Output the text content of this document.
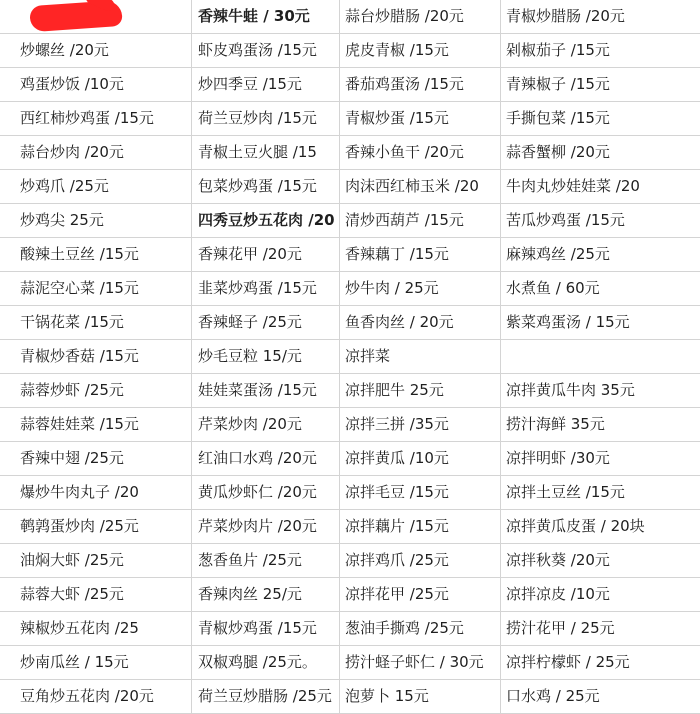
	香辣牛蛙 / 30元	蒜台炒腊肠 /20元	青椒炒腊肠 /20元
炒螺丝 /20元	虾皮鸡蛋汤 /15元	虎皮青椒 /15元	剁椒茄子 /15元
鸡蛋炒饭 /10元	炒四季豆 /15元	番茄鸡蛋汤 /15元	青辣椒子 /15元
西红柿炒鸡蛋 /15元	荷兰豆炒肉 /15元	青椒炒蛋 /15元	手撕包菜 /15元
蒜台炒肉 /20元	青椒土豆火腿 /15	香辣小鱼干 /20元	蒜香蟹柳 /20元
炒鸡爪 /25元	包菜炒鸡蛋 /15元	肉沫西红柿玉米 /20	牛肉丸炒娃娃菜 /20
炒鸡尖 25元	四秀豆炒五花肉 /20	清炒西葫芦 /15元	苦瓜炒鸡蛋 /15元
酸辣土豆丝 /15元	香辣花甲 /20元	香辣藕丁 /15元	麻辣鸡丝 /25元
蒜泥空心菜 /15元	韭菜炒鸡蛋 /15元	炒牛肉 / 25元	水煮鱼 / 60元
干锅花菜 /15元	香辣蛏子 /25元	鱼香肉丝 / 20元	紫菜鸡蛋汤 / 15元
青椒炒香菇 /15元	炒毛豆粒 15/元	凉拌菜	
蒜蓉炒虾 /25元	娃娃菜蛋汤 /15元	凉拌肥牛 25元	凉拌黄瓜牛肉 35元
蒜蓉娃娃菜 /15元	芹菜炒肉 /20元	凉拌三拼 /35元	捞汁海鲜 35元
香辣中翅 /25元	红油口水鸡 /20元	凉拌黄瓜 /10元	凉拌明虾 /30元
爆炒牛肉丸子 /20	黄瓜炒虾仁 /20元	凉拌毛豆 /15元	凉拌土豆丝 /15元
鹌鹑蛋炒肉 /25元	芹菜炒肉片 /20元	凉拌藕片 /15元	凉拌黄瓜皮蛋 / 20块
油焖大虾 /25元	葱香鱼片 /25元	凉拌鸡爪 /25元	凉拌秋葵 /20元
蒜蓉大虾 /25元	香辣肉丝 25/元	凉拌花甲 /25元	凉拌凉皮 /10元
辣椒炒五花肉 /25	青椒炒鸡蛋 /15元	葱油手撕鸡 /25元	捞汁花甲 / 25元
炒南瓜丝 / 15元	双椒鸡腿 /25元。	捞汁蛏子虾仁 / 30元	凉拌柠檬虾 / 25元
豆角炒五花肉 /20元	荷兰豆炒腊肠 /25元	泡萝卜 15元	口水鸡 / 25元
